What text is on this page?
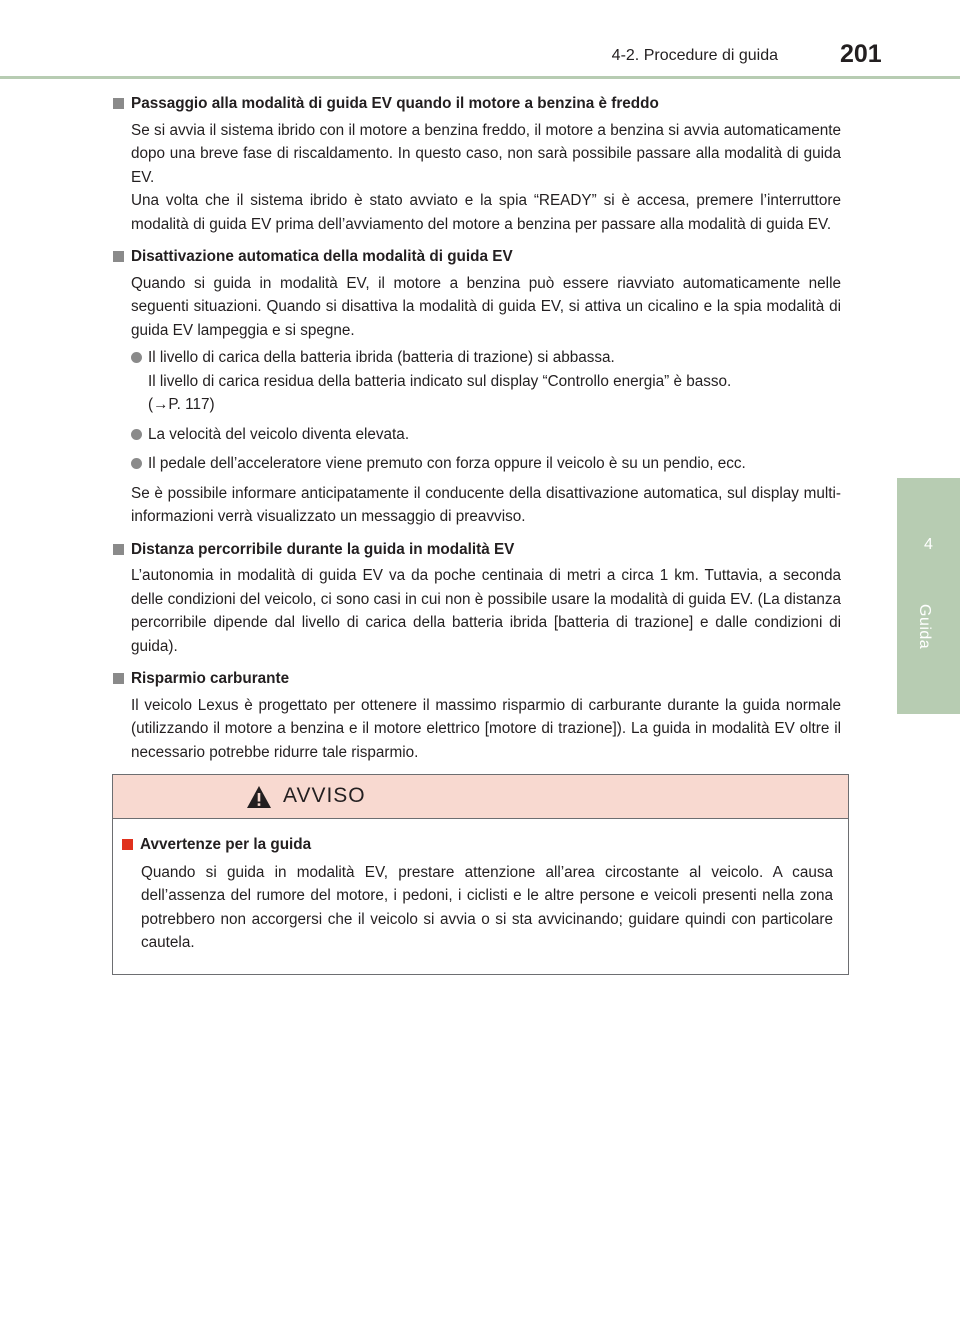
4-2. Procedure di guida 201
4
Guida
Passaggio alla modalità di guida EV quando il motore a benzina è freddo
Se si avvia il sistema ibrido con il motore a benzina freddo, il motore a benzina si avvia automaticamente dopo una breve fase di riscaldamento. In questo caso, non sarà possibile passare alla modalità di guida EV.
Una volta che il sistema ibrido è stato avviato e la spia “READY” si è accesa, premere l’interruttore modalità di guida EV prima dell’avviamento del motore a benzina per passare alla modalità di guida EV.
Disattivazione automatica della modalità di guida EV
Quando si guida in modalità EV, il motore a benzina può essere riavviato automaticamente nelle seguenti situazioni. Quando si disattiva la modalità di guida EV, si attiva un cicalino e la spia modalità di guida EV lampeggia e si spegne.
Il livello di carica della batteria ibrida (batteria di trazione) si abbassa.
Il livello di carica residua della batteria indicato sul display “Controllo energia” è basso.
(→P. 117)
La velocità del veicolo diventa elevata.
Il pedale dell’acceleratore viene premuto con forza oppure il veicolo è su un pendio, ecc.
Se è possibile informare anticipatamente il conducente della disattivazione automatica, sul display multi-informazioni verrà visualizzato un messaggio di preavviso.
Distanza percorribile durante la guida in modalità EV
L’autonomia in modalità di guida EV va da poche centinaia di metri a circa 1 km. Tuttavia, a seconda delle condizioni del veicolo, ci sono casi in cui non è possibile usare la modalità di guida EV. (La distanza percorribile dipende dal livello di carica della batteria ibrida [batteria di trazione] e dalle condizioni di guida).
Risparmio carburante
Il veicolo Lexus è progettato per ottenere il massimo risparmio di carburante durante la guida normale (utilizzando il motore a benzina e il motore elettrico [motore di trazione]). La guida in modalità EV oltre il necessario potrebbe ridurre tale risparmio.
AVVISO
Avvertenze per la guida
Quando si guida in modalità EV, prestare attenzione all’area circostante al veicolo. A causa dell’assenza del rumore del motore, i pedoni, i ciclisti e le altre persone e veicoli presenti nella zona potrebbero non accorgersi che il veicolo si avvia o si sta avvicinando; guidare quindi con particolare cautela.
